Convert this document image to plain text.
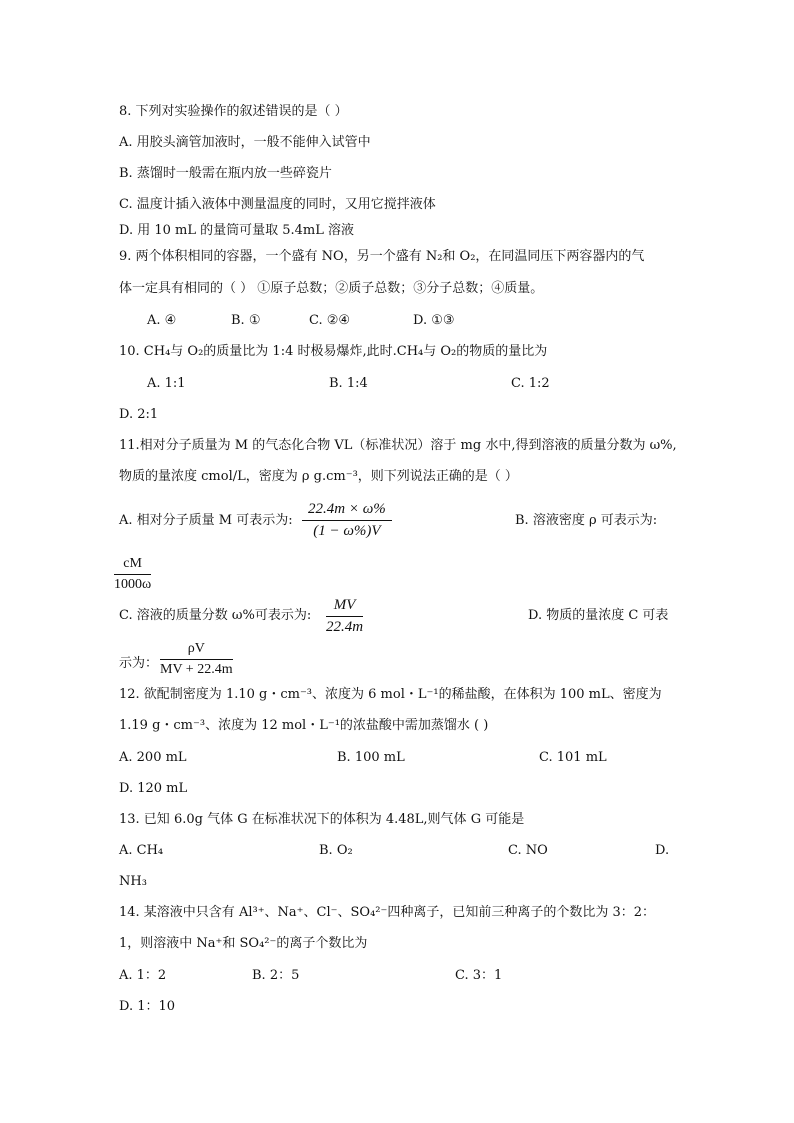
8. 下列对实验操作的叙述错误的是（ ）
A. 用胶头滴管加液时，一般不能伸入试管中
B. 蒸馏时一般需在瓶内放一些碎瓷片
C. 温度计插入液体中测量温度的同时，又用它搅拌液体
D. 用 10 mL 的量筒可量取 5.4mL 溶液
9. 两个体积相同的容器，一个盛有 NO，另一个盛有 N₂和 O₂，在同温同压下两容器内的气
体一定具有相同的（ ） ①原子总数；②质子总数；③分子总数；④质量。
A. ④	B. ①	C. ②④	D. ①③
10. CH₄与 O₂的质量比为 1:4 时极易爆炸,此时.CH₄与 O₂的物质的量比为
A. 1:1	B. 1:4	C. 1:2
D. 2:1
11.相对分子质量为 M 的气态化合物 VL（标准状况）溶于 mg 水中,得到溶液的质量分数为 ω%,
物质的量浓度 cmol/L，密度为 ρ g.cm⁻³，则下列说法正确的是（ ）
A. 相对分子质量 M 可表示为: $\frac{22.4m \times \omega\%}{(1 - \omega\%)V}$	B. 溶液密度 ρ 可表示为:
$\frac{cM}{1000\omega}$
C. 溶液的质量分数 ω%可表示为: $\frac{MV}{22.4m}$	D. 物质的量浓度 C 可表
示为： $\frac{\rho V}{MV + 22.4m}$
12. 欲配制密度为 1.10 g・cm⁻³、浓度为 6 mol・L⁻¹的稀盐酸，在体积为 100 mL、密度为
1.19 g・cm⁻³、浓度为 12 mol・L⁻¹的浓盐酸中需加蒸馏水 ( )
A. 200 mL	B. 100 mL	C. 101 mL
D. 120 mL
13. 已知 6.0g 气体 G 在标准状况下的体积为 4.48L,则气体 G 可能是
A. CH₄	B. O₂	C. NO	D.
NH₃
14. 某溶液中只含有 Al³⁺、Na⁺、Cl⁻、SO₄²⁻四种离子，已知前三种离子的个数比为 3：2：
1，则溶液中 Na⁺和 SO₄²⁻的离子个数比为
A. 1：2	B. 2：5	C. 3：1
D. 1：10
